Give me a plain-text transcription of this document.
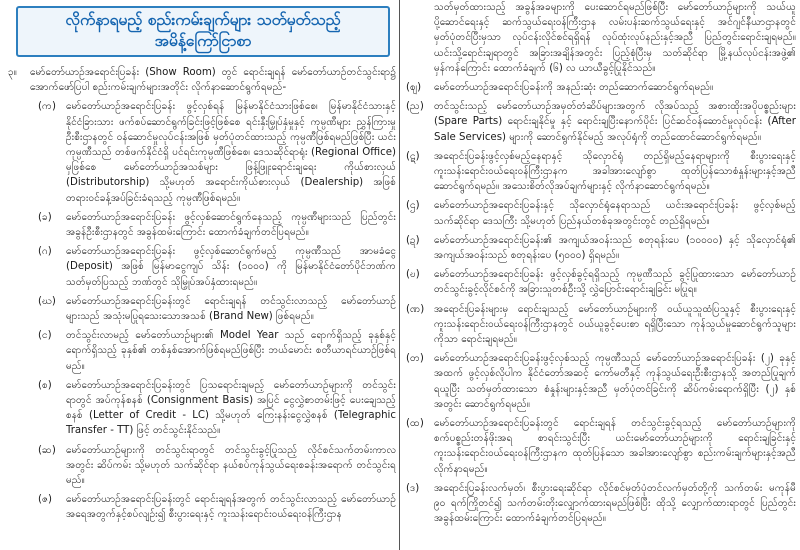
လိုက်နာရမည့် စည်းကမ်းချက်များ သတ်မှတ်သည့်
အမိန့်ကြော်ငြာစာ
၃။ မော်တော်ယာဉ်အရောင်းပြခန်း (Show Room) တွင် ရောင်းချရန် မော်တော်ယာဉ်တင်သွင်းရာ၌ အောက်ဖော်ပြပါ စည်းကမ်းချက်များအတိုင်း လိုက်နာဆောင်ရွက်ရမည်-
(က) မော်တော်ယာဉ်အရောင်းပြခန်း ဖွင့်လှစ်ရန် မြန်မာနိုင်ငံသားဖြစ်စေ၊ မြန်မာနိုင်ငံသားနှင့် နိုင်ငံခြားသား ဖက်စပ်ဆောင်ရွက်ခြင်းဖြင့်ဖြစ်စေ ရင်းနှီးမြှုပ်နှံမှုနှင့် ကုမ္ပဏီများ ညွှန်ကြားမှု ဦးစီးဌာနတွင် ဝန်ဆောင်မှုလုပ်ငန်းအဖြစ် မှတ်ပုံတင်ထားသည့် ကုမ္ပဏီဖြစ်ရမည်ဖြစ်ပြီး ယင်းကုမ္ပဏီသည် တစ်ဖက်နိုင်ငံရှိ ပင်ရင်းကုမ္ပဏီဖြစ်စေ၊ ဒေသဆိုင်ရာရုံး (Regional Office) မှဖြစ်စေ မော်တော်ယာဉ်အသစ်များ ဖြန့်ဖြူးရောင်းချရေး ကိုယ်စားလှယ် (Distributorship) သို့မဟုတ် အရောင်းကိုယ်စားလှယ် (Dealership) အဖြစ် တရားဝင်ခန့်အပ်ခြင်းခံရသည့် ကုမ္ပဏီဖြစ်ရမည်။
(ခ)	မော်တော်ယာဉ်အရောင်းပြခန်း ဖွင့်လှစ်ဆောင်ရွက်နေသည့် ကုမ္ပဏီများသည် ပြည်တွင်း အခွန်ဦးစီးဌာနတွင် အခွန်ထမ်းကြောင်း ထောက်ခံချက်တင်ပြရမည်။
(ဂ)	မော်တော်ယာဉ်အရောင်းပြခန်း ဖွင့်လှစ်ဆောင်ရွက်မည့် ကုမ္ပဏီသည် အာမခံငွေ (Deposit) အဖြစ် မြန်မာငွေကျပ် သိန်း (၁၀၀၀) ကို မြန်မာနိုင်ငံတော်ပိုင်ဘဏ်က သတ်မှတ်ပြသည့် ဘဏ်တွင် သိုမြှုပ်အပ်နှံထားရမည်။
(ဃ) မော်တော်ယာဉ်အရောင်းပြခန်းတွင် ရောင်းချရန် တင်သွင်းလာသည့် မော်တော်ယာဉ်များသည် အသုံးမပြုရသေးသောအသစ် (Brand New) ဖြစ်ရမည်။
(င)	တင်သွင်းလာမည့် မော်တော်ယာဉ်များ၏ Model Year သည် ရောက်ရှိသည့် ခုနှစ်နှင့် ရောက်ရှိသည့် ခုနှစ်၏ တစ်နှစ်အောက်ဖြစ်ရမည်ဖြစ်ပြီး ဘယ်မောင်း စတီယာရင်ယာဉ်ဖြစ်ရမည်။
(စ)	မော်တော်ယာဉ်အရောင်းပြခန်းတွင် ပြသရောင်းချမည့် မော်တော်ယာဉ်များကို တင်သွင်းရာတွင် အပ်ကုန်စနစ် (Consignment Basis) အပြင် ငွေလွှဲစာတမ်းဖြင့် ပေးချေသည့်စနစ် (Letter of Credit - LC) သို့မဟုတ် ကြေးနန်းငွေလွှဲစနစ် (Telegraphic Transfer - TT) ဖြင့် တင်သွင်းနိုင်သည်။
(ဆ) မော်တော်ယာဉ်များကို တင်သွင်းရာတွင် တင်သွင်းခွင့်ပြုသည့် လိုင်စင်သက်တမ်းကာလ အတွင်း ဆိပ်ကမ်း သို့မဟုတ် သက်ဆိုင်ရာ နယ်စပ်ကုန်သွယ်ရေးစခန်းအရောက် တင်သွင်းရမည်။
(ဇ)	မော်တော်ယာဉ်အရောင်းပြခန်းတွင် ရောင်းချရန်အတွက် တင်သွင်းလာသည့် မော်တော်ယာဉ်အရေအတွက်နှင့်စပ်လျဉ်း၍ စီးပွားရေးနှင့် ကူးသန်းရောင်းဝယ်ရေးဝန်ကြီးဌာန
သတ်မှတ်ထားသည့် အခွန်အခများကို ပေးဆောင်ရမည်ဖြစ်ပြီး မော်တော်ယာဉ်များကို သယ်ယူပို့ဆောင်ရေးနှင့် ဆက်သွယ်ရေးဝန်ကြီးဌာန လမ်းပန်းဆက်သွယ်ရေးနှင့် အင်ဂျင်နီယာဌာနတွင် မှတ်ပုံတင်ပြီးမှသာ လုပ်ငန်းလိုင်စင်ရရှိရန် လုပ်ထုံးလုပ်နည်းနှင့်အညီ ပြည်တွင်းရောင်းချရမည်။ ယင်းသို့ရောင်းချရာတွင် အခြားအချိန်အတွင်း ပြည့်စုံပြီးမှ သတ်ဆိုင်ရာ မြို့နယ်လုပ်ငန်းအဖွဲ့၏ မှန်ကန်ကြောင်း ထောက်ခံချက် (၆) လ ယာယီခွင့်ပြုနိုင်သည်။
(ဈ)	မော်တော်ယာဉ်အရောင်းပြခန်းကို အနည်းဆုံး တည်ဆောက်ဆောင်ရွက်ရမည်။
(ည) တင်သွင်းသည့် မော်တော်ယာဉ်အမှတ်တံဆိပ်များအတွက် လိုအပ်သည့် အစားထိုးအပိုပစ္စည်းများ (Spare Parts) ရောင်းချနိုင်မှု နှင့် ရောင်းချပြီးနောက်ပိုင်း ပြင်ဆင်ဝန်ဆောင်မှုလုပ်ငန်း (After Sale Services) များကို ဆောင်ရွက်နိုင်မည့် အလုပ်ရုံကို တည်ထောင်ဆောင်ရွက်ရမည်။
(ဋ)	အရောင်းပြခန်းဖွင့်လှစ်မည့်နေရာနှင့် သိုလှောင်ရုံ တည်ရှိမည့်နေရာများကို စီးပွားရေးနှင့် ကူးသန်းရောင်းဝယ်ရေးဝန်ကြီးဌာနက အခါအားလျော်စွာ ထုတ်ပြန်သောစံနှုန်းများနှင့်အညီ ဆောင်ရွက်ရမည်။ အသေးစိတ်လိုအပ်ချက်များနှင့် လိုက်နာဆောင်ရွက်ရမည်။
(ဌ)	မော်တော်ယာဉ်အရောင်းပြခန်းနှင့် သိုလှောင်ရုံနေရာသည် ယင်းအရောင်းပြခန်း ဖွင့်လှစ်မည့် သက်ဆိုင်ရာ ဒေသကြီး သို့မဟုတ် ပြည်နယ်တစ်ခုအတွင်းတွင် တည်ရှိရမည်။
(ဍ)	မော်တော်ယာဉ်အရောင်းပြခန်း၏ အကျယ်အဝန်းသည် စတုရန်းပေ (၁၀၀၀၀) နှင့် သိုလှောင်ရုံ၏ အကျယ်အဝန်းသည် စတုရန်းပေ (၅၀၀၀) ရှိရမည်။
(ဎ)	မော်တော်ယာဉ်အရောင်းပြခန်း ဖွင့်လှစ်ခွင့်ရရှိသည့် ကုမ္ပဏီသည် ခွင့်ပြုထားသော မော်တော်ယာဉ်တင်သွင်းခွင့်လိုင်စင်ကို အခြားသူတစ်ဦးသို့ လွှဲပြောင်းရောင်းချခြင်း မပြုရ။
(ဏ) အရောင်းပြခန်းများမှ ရောင်းချသည့် မော်တော်ယာဉ်များကို ဝယ်ယူသူထံပြသူနှင့် စီးပွားရေးနှင့် ကူးသန်းရောင်းဝယ်ရေးဝန်ကြီးဌာနတွင် ဝယ်ယူခွင့်ပေးစာ ရရှိပြီးသော ကုန်သွယ်မှုဆောင်ရွက်သူများကိုသာ ရောင်းချရမည်။
(တ) မော်တော်ယာဉ်အရောင်းပြခန်းဖွင့်လှစ်သည့် ကုမ္ပဏီသည် မော်တော်ယာဉ်အရောင်းပြခန်း (၂) ခုနှင့် အထက် ဖွင့်လှစ်လိုပါက နိုင်ငံတော်အဆင့် ကော်မတီနှင့် ကုန်သွယ်ရေးဦးစီးဌာနသို့ အတည်ပြုချက်ရယူပြီး သတ်မှတ်ထားသော စံနှုန်းများနှင့်အညီ မှတ်ပုံတင်ခြင်းကို ဆိပ်ကမ်းရောက်ရှိပြီး (၂) နှစ်အတွင်း ဆောင်ရွက်ရမည်။
(ထ) မော်တော်ယာဉ်အရောင်းပြခန်းတွင် ရောင်းချရန် တင်သွင်းခွင့်ရသည့် မော်တော်ယာဉ်များကို စက်ပစ္စည်းတန်ဖိုးအရ စာရင်းသွင်းပြီး ယင်းမော်တော်ယာဉ်များကို ရောင်းချခြင်းနှင့် ကူးသန်းရောင်းဝယ်ရေးဝန်ကြီးဌာနက ထုတ်ပြန်သော အခါအားလျော်စွာ စည်းကမ်းချက်များနှင့်အညီ လိုက်နာရမည်။
(ဒ)	အရောင်းပြခန်းလက်မှတ်၊ စီးပွားရေးဆိုင်ရာ လိုင်စင်မှတ်ပုံတင်လက်မှတ်တို့ကို သက်တမ်း မကုန်မီ ၉၀ ရက်ကြိုတင်၍ သက်တမ်းတိုးလျှောက်ထားရမည်ဖြစ်ပြီး ထိုသို့ လျှောက်ထားရာတွင် ပြည်တွင်းအခွန်ထမ်းကြောင်း ထောက်ခံချက်တင်ပြရမည်။
